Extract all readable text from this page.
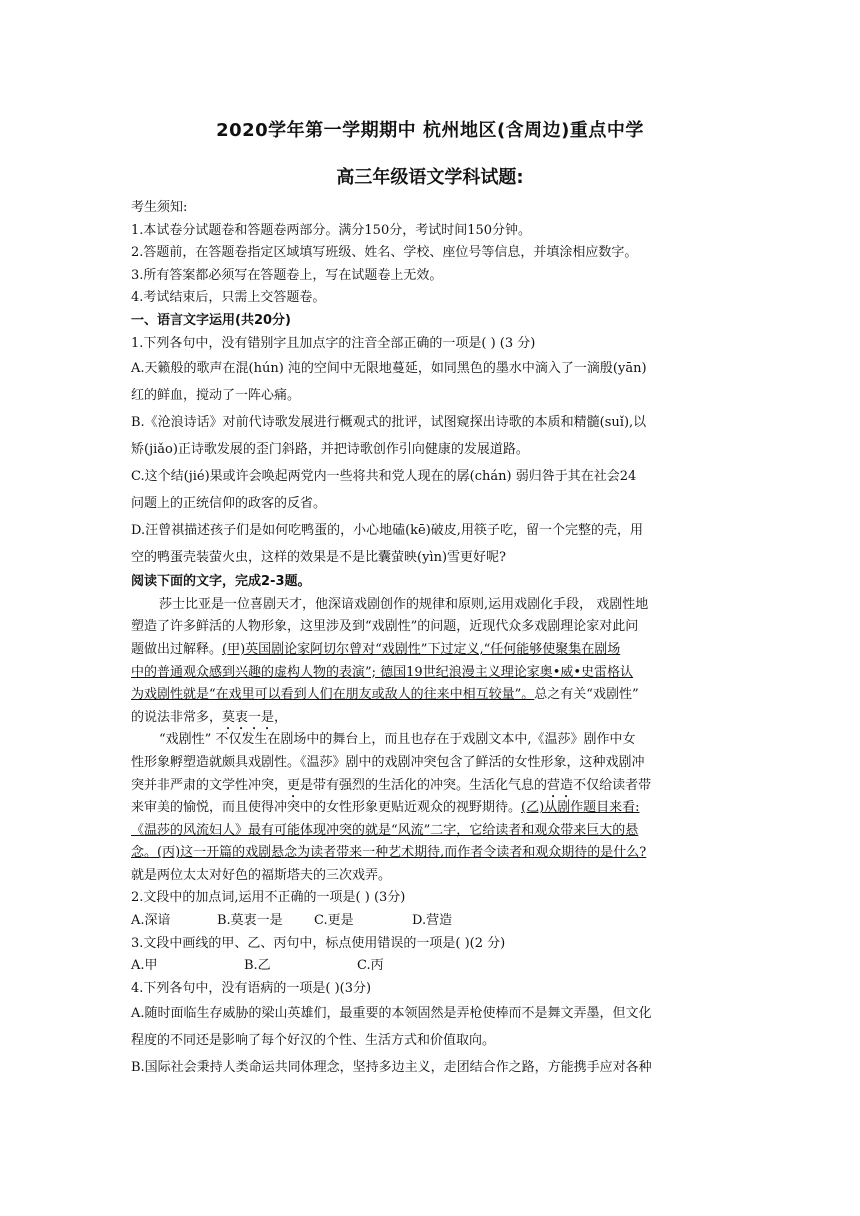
2020学年第一学期期中 杭州地区(含周边)重点中学
高三年级语文学科试题:
考生须知:
1.本试卷分试题卷和答题卷两部分。满分150分，考试时间150分钟。
2.答题前，在答题卷指定区域填写班级、姓名、学校、座位号等信息，并填涂相应数字。
3.所有答案都必须写在答题卷上，写在试题卷上无效。
4.考试结束后，只需上交答题卷。
一、语言文字运用(共20分)
1.下列各句中，没有错别字且加点字的注音全部正确的一项是( ) (3 分)
A.天籁般的歌声在混(hún) 沌的空间中无限地蔓延，如同黑色的墨水中滴入了一滴殷(yān)
红的鲜血，搅动了一阵心痛。
B.《沧浪诗话》对前代诗歌发展进行概观式的批评，试图窥探出诗歌的本质和精髓(suǐ),以
矫(jiǎo)正诗歌发展的歪门斜路，并把诗歌创作引向健康的发展道路。
C.这个结(jié)果或许会唤起两党内一些将共和党人现在的孱(chán) 弱归咎于其在社会24
问题上的正统信仰的政客的反省。
D.汪曾祺描述孩子们是如何吃鸭蛋的，小心地磕(kē)破皮,用筷子吃，留一个完整的壳，用
空的鸭蛋壳装萤火虫，这样的效果是不是比囊萤映(yìn)雪更好呢?
阅读下面的文字，完成2-3题。
莎士比亚是一位喜剧天才，他深谙戏剧创作的规律和原则,运用戏剧化手段， 戏剧性地
塑造了许多鲜活的人物形象，这里涉及到“戏剧性”的问题，近现代众多戏剧理论家对此问
题做出过解释。(甲)英国剧论家阿切尔曾对“戏剧性”下过定义,“任何能够使聚集在剧场
中的普通观众感到兴趣的虚构人物的表演”; 德国19世纪浪漫主义理论家奥•威•史雷格认
为戏剧性就是“在戏里可以看到人们在朋友或敌人的往来中相互较量”。总之有关“戏剧性”
的说法非常多，莫衷一是，
“戏剧性” 不仅发生在剧场中的舞台上，而且也存在于戏剧文本中,《温莎》剧作中女
性形象孵塑造就颇具戏剧性。《温莎》剧中的戏剧冲突包含了鲜活的女性形象，这种戏剧冲
突并非严肃的文学性冲突，更是带有强烈的生活化的冲突。生活化气息的营造不仅给读者带
来审美的愉悦，而且使得冲突中的女性形象更贴近观众的视野期待。(乙)从剧作题目来看:
《温莎的风流妇人》最有可能体现冲突的就是“风流”二字，它给读者和观众带来巨大的悬
念。(丙)这一开篇的戏剧悬念为读者带来一种艺术期待,而作者令读者和观众期待的是什么?
就是两位太太对好色的福斯塔夫的三次戏弄。
2.文段中的加点词,运用不正确的一项是( ) (3分)
A.深谙	B.莫衷一是 C.更是	D.营造
3.文段中画线的甲、乙、丙句中，标点使用错误的一项是( )(2 分)
A.甲	B.乙	C.丙
4.下列各句中，没有语病的一项是( )(3分)
A.随时面临生存威胁的梁山英雄们，最重要的本领固然是弄枪使棒而不是舞文弄墨，但文化
程度的不同还是影响了每个好汉的个性、生活方式和价值取向。
B.国际社会秉持人类命运共同体理念，坚持多边主义，走团结合作之路，方能携手应对各种
